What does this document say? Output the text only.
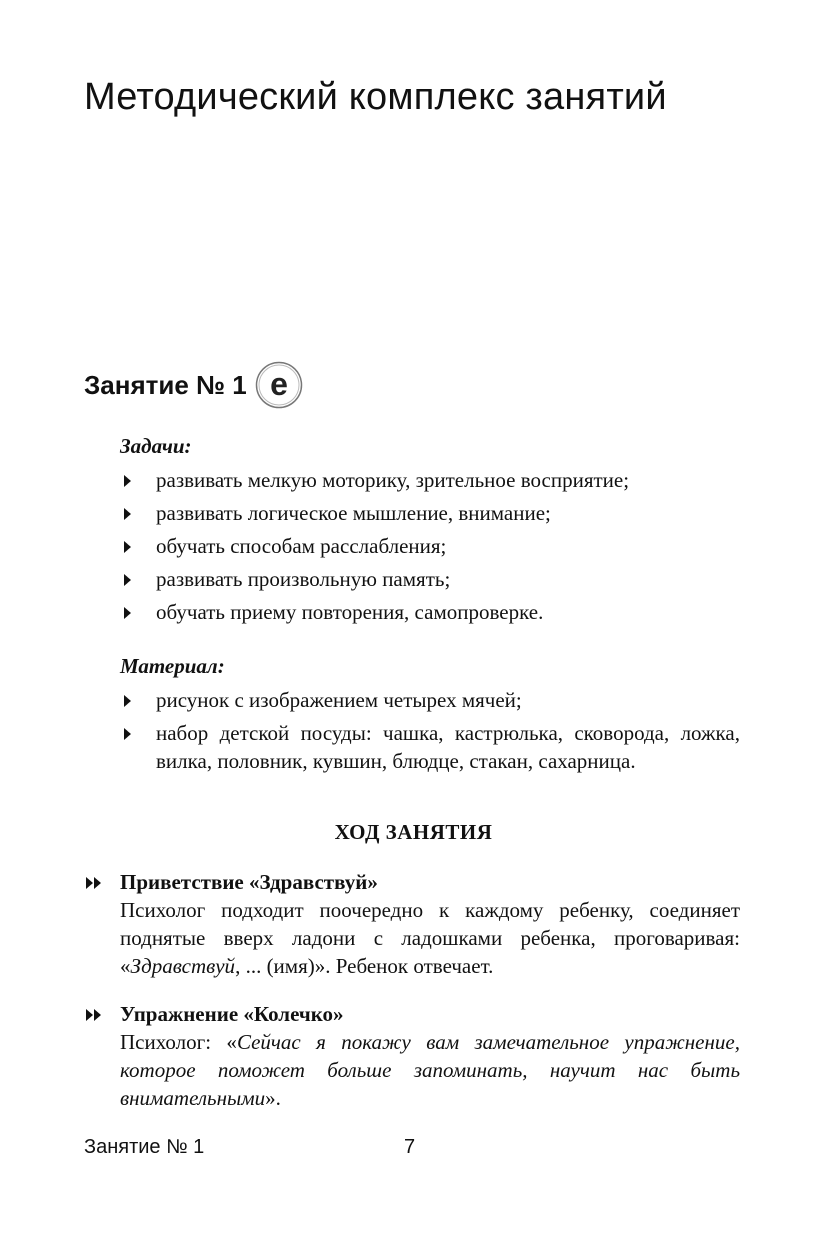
Методический комплекс занятий
Занятие № 1 e
Задачи:
развивать мелкую моторику, зрительное восприятие;
развивать логическое мышление, внимание;
обучать способам расслабления;
развивать произвольную память;
обучать приему повторения, самопроверке.
Материал:
рисунок с изображением четырех мячей;
набор детской посуды: чашка, кастрюлька, сковорода, ложка, вилка, половник, кувшин, блюдце, стакан, сахарница.
ХОД ЗАНЯТИЯ
Приветствие «Здравствуй»
Психолог подходит поочередно к каждому ребенку, соединяет поднятые вверх ладони с ладошками ребенка, проговаривая: «Здравствуй, ... (имя)». Ребенок отвечает.
Упражнение «Колечко»
Психолог: «Сейчас я покажу вам замечательное упражнение, которое поможет больше запоминать, научит нас быть внимательными».
Занятие № 1	7
